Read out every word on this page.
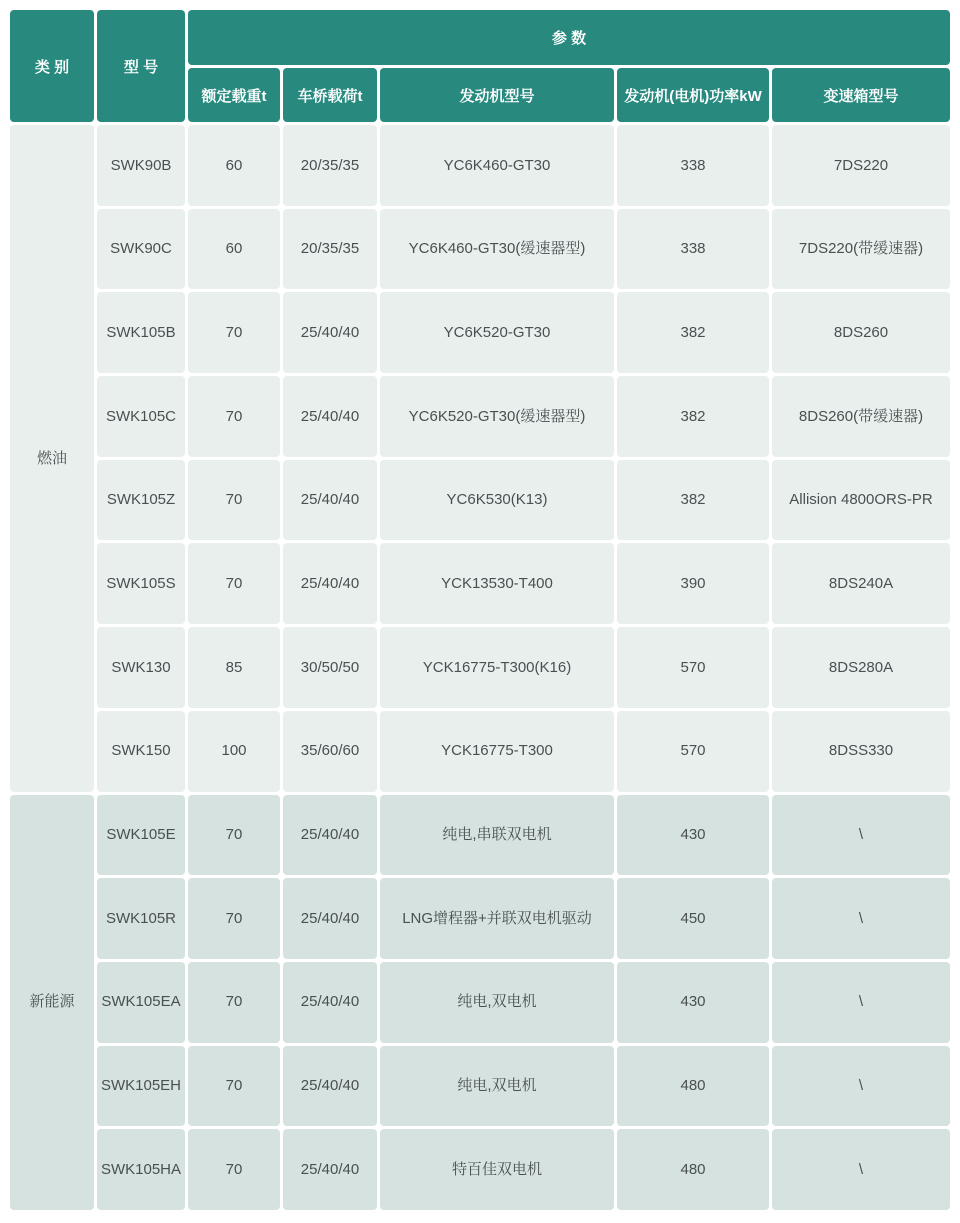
类 别	型 号
参 数
额定载重t	车桥载荷t	发动机型号	发动机(电机)功率kW	变速箱型号
燃油
SWK90B	60	20/35/35	YC6K460-GT30	338	7DS220
SWK90C	60	20/35/35	YC6K460-GT30(缓速器型)	338	7DS220(带缓速器)
SWK105B	70	25/40/40	YC6K520-GT30	382	8DS260
SWK105C	70	25/40/40	YC6K520-GT30(缓速器型)	382	8DS260(带缓速器)
SWK105Z	70	25/40/40	YC6K530(K13)	382	Allision 4800ORS-PR
SWK105S	70	25/40/40	YCK13530-T400	390	8DS240A
SWK130	85	30/50/50	YCK16775-T300(K16)	570	8DS280A
SWK150	100	35/60/60	YCK16775-T300	570	8DSS330
新能源
SWK105E	70	25/40/40	纯电,串联双电机	430	\
SWK105R	70	25/40/40	LNG增程器+并联双电机驱动	450	\
SWK105EA	70	25/40/40	纯电,双电机	430	\
SWK105EH	70	25/40/40	纯电,双电机	480	\
SWK105HA	70	25/40/40	特百佳双电机	480	\
